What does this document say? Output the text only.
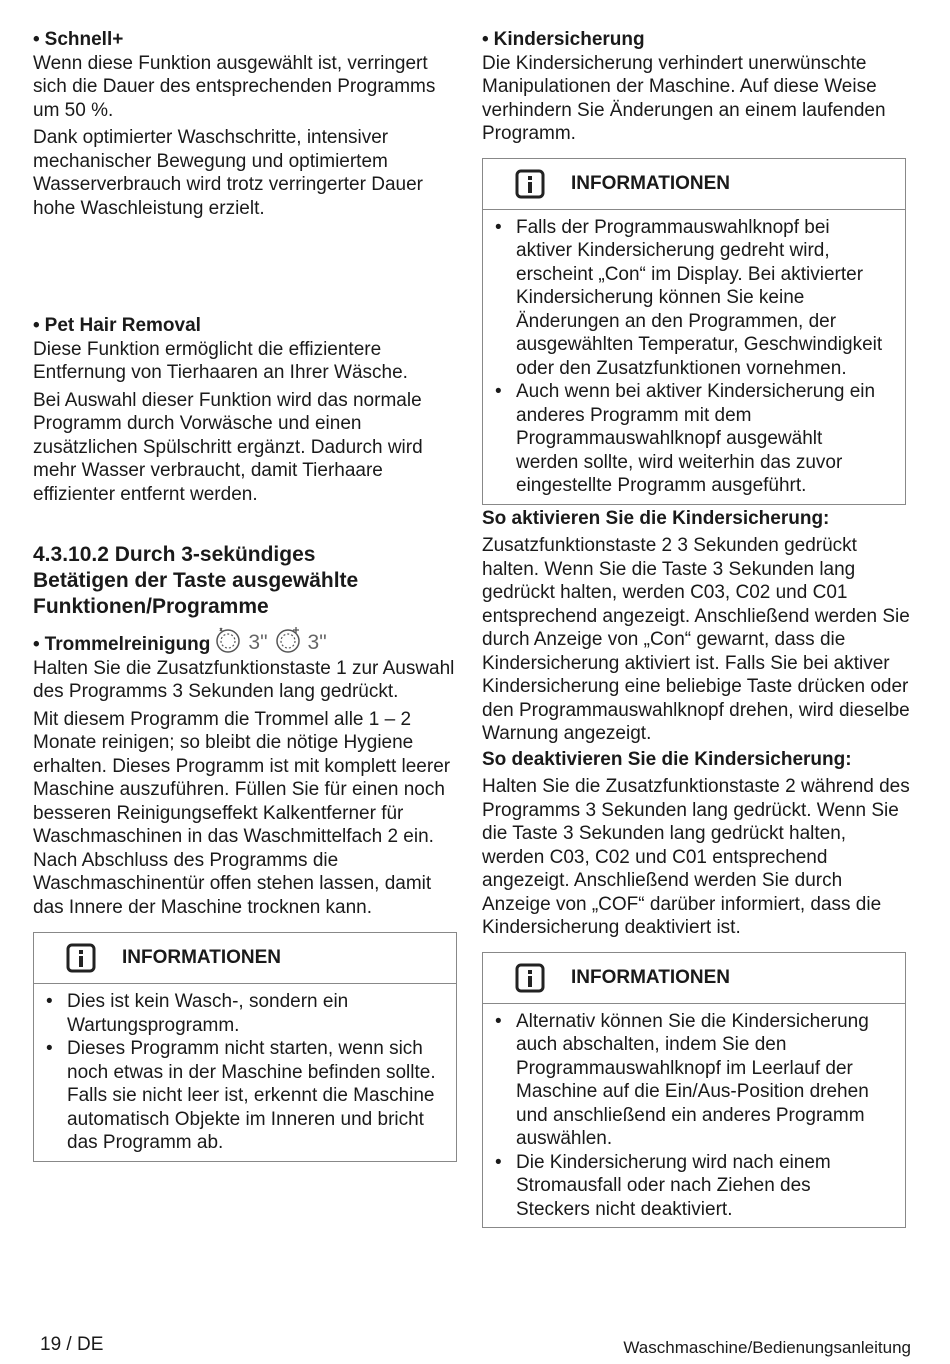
• Schnell+

Wenn diese Funktion ausgewählt ist, verringert sich die Dauer des entsprechenden Programms um 50 %.

Dank optimierter Waschschritte, intensiver mechanischer Bewegung und optimiertem Wasserverbrauch wird trotz verringerter Dauer hohe Waschleistung erzielt.

• Pet Hair Removal

Diese Funktion ermöglicht die effizientere Entfernung von Tierhaaren an Ihrer Wäsche.

Bei Auswahl dieser Funktion wird das normale Programm durch Vorwäsche und einen zusätzlichen Spülschritt ergänzt. Dadurch wird mehr Wasser verbraucht, damit Tierhaare effizienter entfernt werden.

4.3.10.2 Durch 3-sekündiges Betätigen der Taste ausgewählte Funktionen/Programme
• Trommelreinigung 3" 3"

Halten Sie die Zusatzfunktionstaste 1 zur Auswahl des Programms 3 Sekunden lang gedrückt.

Mit diesem Programm die Trommel alle 1 – 2 Monate reinigen; so bleibt die nötige Hygiene erhalten. Dieses Programm ist mit komplett leerer Maschine auszuführen. Füllen Sie für einen noch besseren Reinigungseffekt Kalkentferner für Waschmaschinen in das Waschmittelfach 2 ein. Nach Abschluss des Programms die Waschmaschinentür offen stehen lassen, damit das Innere der Maschine trocknen kann.

INFORMATIONEN
• Dies ist kein Wasch-, sondern ein Wartungsprogramm.
• Dieses Programm nicht starten, wenn sich noch etwas in der Maschine befinden sollte. Falls sie nicht leer ist, erkennt die Maschine automatisch Objekte im Inneren und bricht das Programm ab.
• Kindersicherung

Die Kindersicherung verhindert unerwünschte Manipulationen der Maschine. Auf diese Weise verhindern Sie Änderungen an einem laufenden Programm.

INFORMATIONEN
• Falls der Programmauswahlknopf bei aktiver Kindersicherung gedreht wird, erscheint „Con“ im Display. Bei aktivierter Kindersicherung können Sie keine Änderungen an den Programmen, der ausgewählten Temperatur, Geschwindigkeit oder den Zusatzfunktionen vornehmen.
• Auch wenn bei aktiver Kindersicherung ein anderes Programm mit dem Programmauswahlknopf ausgewählt werden sollte, wird weiterhin das zuvor eingestellte Programm ausgeführt.
So aktivieren Sie die Kindersicherung:

Zusatzfunktionstaste 2 3 Sekunden gedrückt halten. Wenn Sie die Taste 3 Sekunden lang gedrückt halten, werden C03, C02 und C01 entsprechend angezeigt. Anschließend werden Sie durch Anzeige von „Con“ gewarnt, dass die Kindersicherung aktiviert ist. Falls Sie bei aktiver Kindersicherung eine beliebige Taste drücken oder den Programmauswahlknopf drehen, wird dieselbe Warnung angezeigt.

So deaktivieren Sie die Kindersicherung:

Halten Sie die Zusatzfunktionstaste 2 während des Programms 3 Sekunden lang gedrückt. Wenn Sie die Taste 3 Sekunden lang gedrückt halten, werden C03, C02 und C01 entsprechend angezeigt. Anschließend werden Sie durch Anzeige von „COF“ darüber informiert, dass die Kindersicherung deaktiviert ist.

INFORMATIONEN
• Alternativ können Sie die Kindersicherung auch abschalten, indem Sie den Programmauswahlknopf im Leerlauf der Maschine auf die Ein/Aus-Position drehen und anschließend ein anderes Programm auswählen.
• Die Kindersicherung wird nach einem Stromausfall oder nach Ziehen des Steckers nicht deaktiviert.
19 / DE	Waschmaschine/Bedienungsanleitung
